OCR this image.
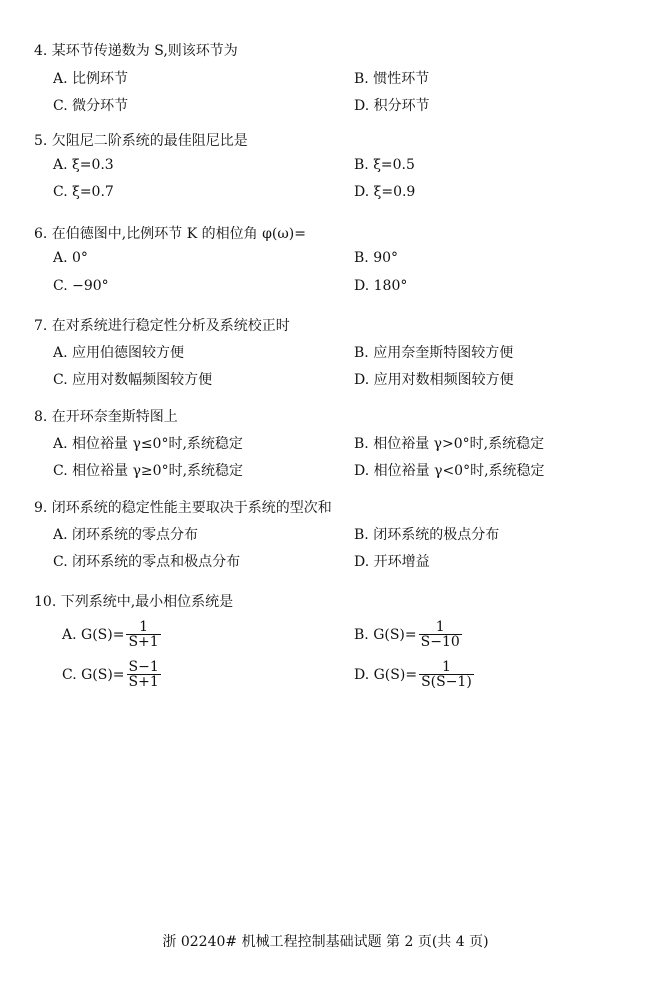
4. 某环节传递数为 S,则该环节为
A. 比例环节	B. 惯性环节
C. 微分环节	D. 积分环节
5. 欠阻尼二阶系统的最佳阻尼比是
A. ξ=0.3	B. ξ=0.5
C. ξ=0.7	D. ξ=0.9
6. 在伯德图中,比例环节 K 的相位角 φ(ω)=
A. 0°	B. 90°
C. −90°	D. 180°
7. 在对系统进行稳定性分析及系统校正时
A. 应用伯德图较方便	B. 应用奈奎斯特图较方便
C. 应用对数幅频图较方便	D. 应用对数相频图较方便
8. 在开环奈奎斯特图上
A. 相位裕量 γ≤0°时,系统稳定	B. 相位裕量 γ>0°时,系统稳定
C. 相位裕量 γ≥0°时,系统稳定	D. 相位裕量 γ<0°时,系统稳定
9. 闭环系统的稳定性能主要取决于系统的型次和
A. 闭环系统的零点分布	B. 闭环系统的极点分布
C. 闭环系统的零点和极点分布	D. 开环增益
10. 下列系统中,最小相位系统是
A. $G(S)= \frac{1}{S+1}$	B. $G(S)= \frac{1}{S-10}$
C. $G(S)= \frac{S-1}{S+1}$	D. $G(S)= \frac{1}{S(S-1)}$
浙 02240# 机械工程控制基础试题 第 2 页(共 4 页)
